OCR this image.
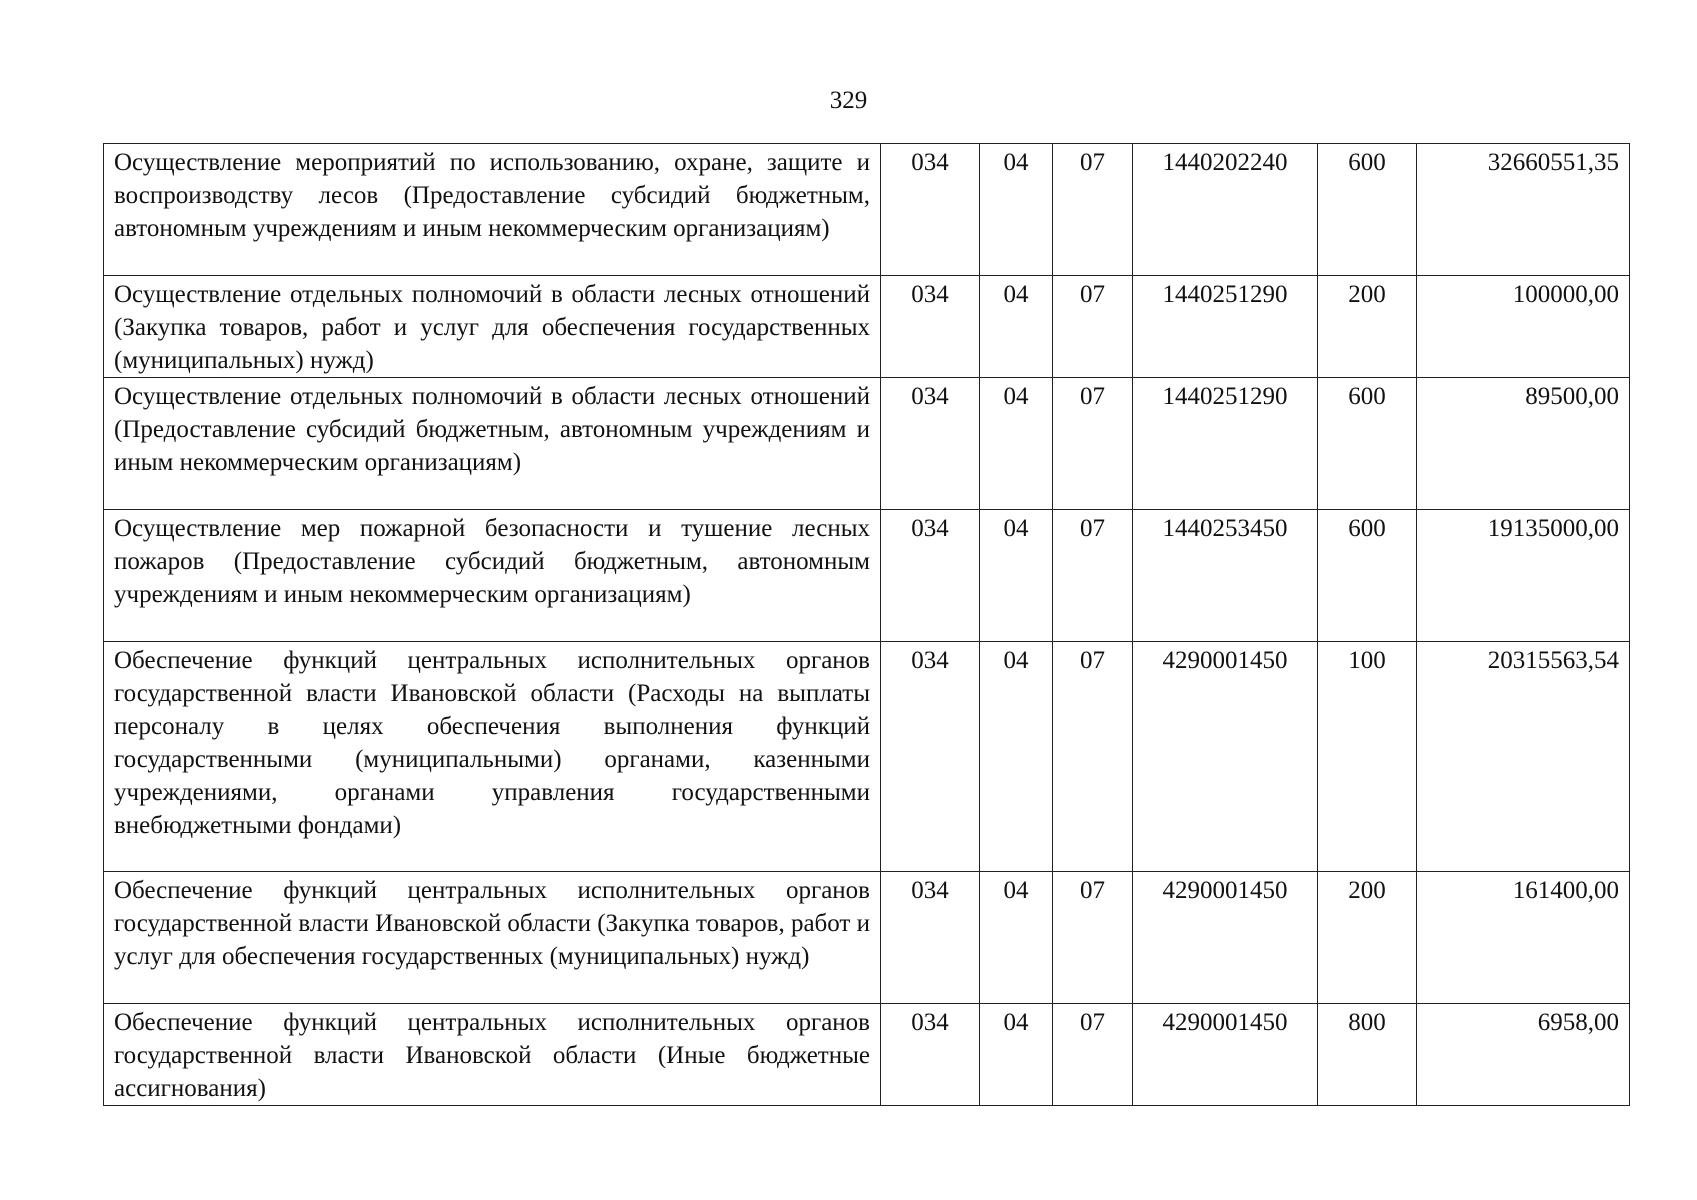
329
Осуществление мероприятий по использованию, охране, защите и воспроизводству лесов (Предоставление субсидий бюджетным, автономным учреждениям и иным некоммерческим организациям)	034	04	07	1440202240	600	32660551,35
Осуществление отдельных полномочий в области лесных отношений (Закупка товаров, работ и услуг для обеспечения государственных (муниципальных) нужд)	034	04	07	1440251290	200	100000,00
Осуществление отдельных полномочий в области лесных отношений (Предоставление субсидий бюджетным, автономным учреждениям и иным некоммерческим организациям)	034	04	07	1440251290	600	89500,00
Осуществление мер пожарной безопасности и тушение лесных пожаров (Предоставление субсидий бюджетным, автономным учреждениям и иным некоммерческим организациям)	034	04	07	1440253450	600	19135000,00
Обеспечение функций центральных исполнительных органов государственной власти Ивановской области (Расходы на выплаты персоналу в целях обеспечения выполнения функций государственными (муниципальными) органами, казенными учреждениями, органами управления государственными внебюджетными фондами)	034	04	07	4290001450	100	20315563,54
Обеспечение функций центральных исполнительных органов государственной власти Ивановской области (Закупка товаров, работ и услуг для обеспечения государственных (муниципальных) нужд)	034	04	07	4290001450	200	161400,00
Обеспечение функций центральных исполнительных органов государственной власти Ивановской области (Иные бюджетные ассигнования)	034	04	07	4290001450	800	6958,00
